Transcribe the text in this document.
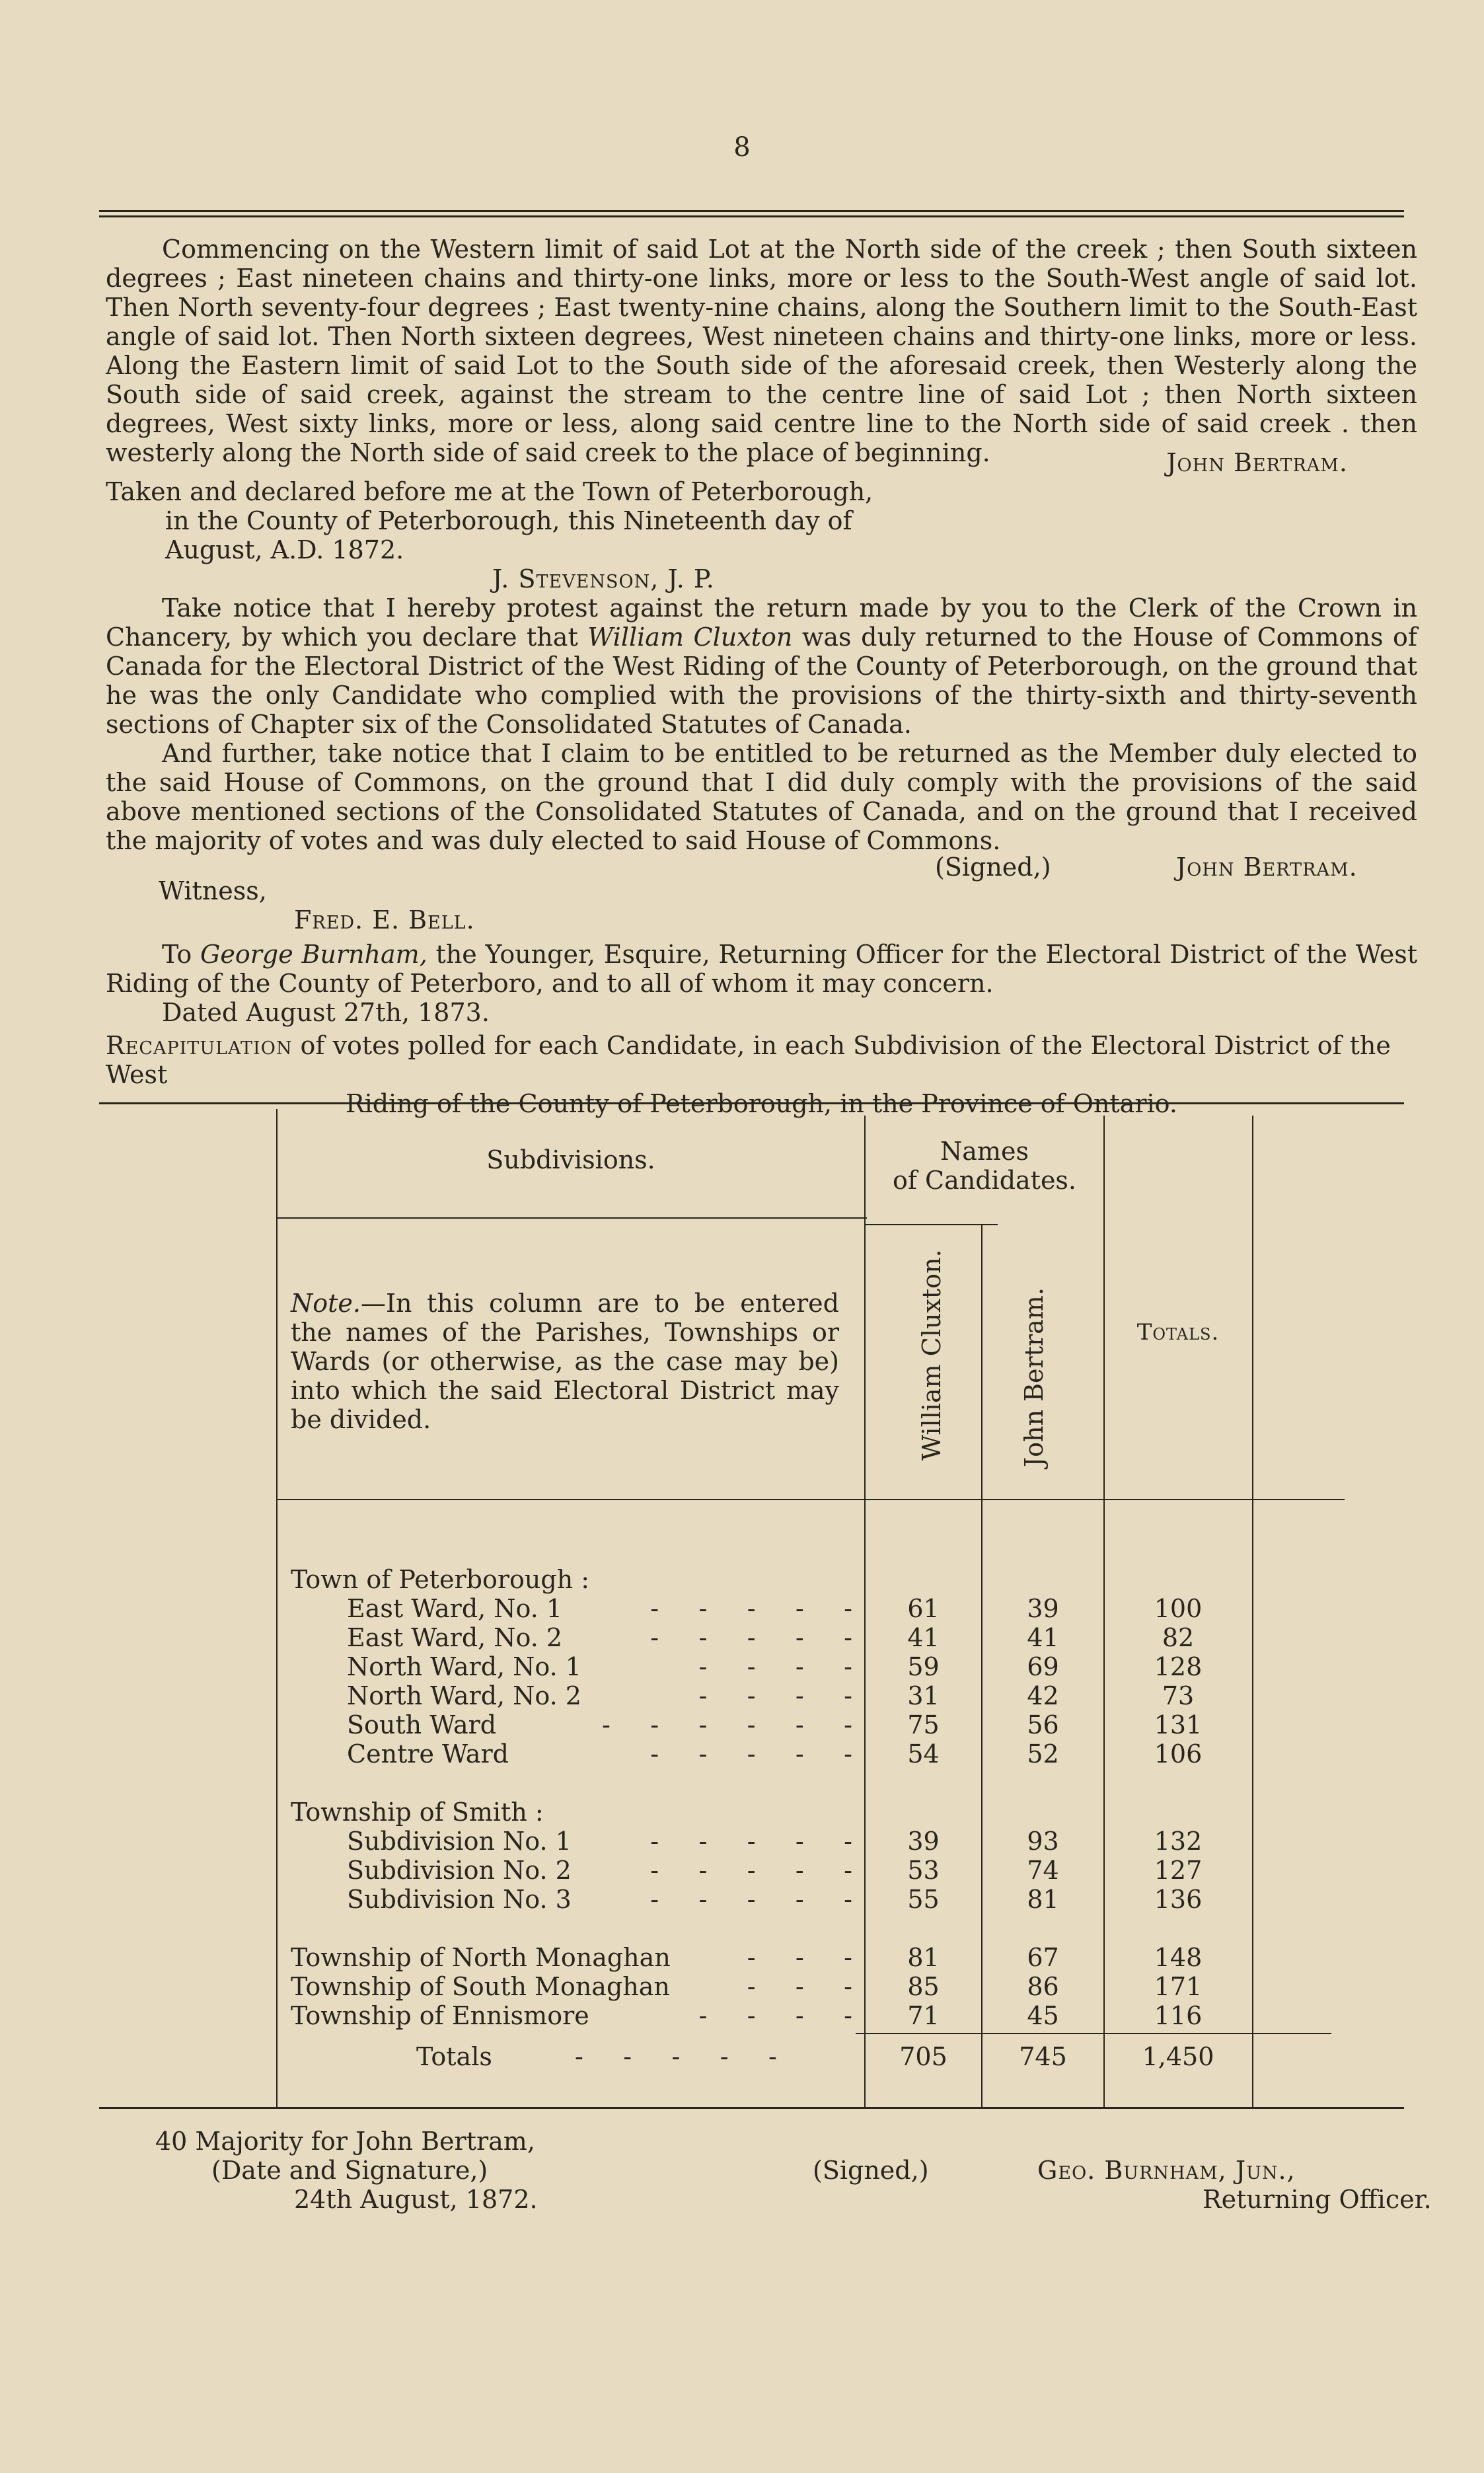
8

Commencing on the Western limit of said Lot at the North side of the creek ; then South sixteen degrees ; East nineteen chains and thirty-one links, more or less to the South-West angle of said lot. Then North seventy-four degrees ; East twenty-nine chains, along the Southern limit to the South-East angle of said lot. Then North sixteen degrees, West nineteen chains and thirty-one links, more or less. Along the Eastern limit of said Lot to the South side of the aforesaid creek, then Westerly along the South side of said creek, against the stream to the centre line of said Lot ; then North sixteen degrees, West sixty links, more or less, along said centre line to the North side of said creek . then westerly along the North side of said creek to the place of beginning.	John Bertram.
Taken and declared before me at the Town of Peterborough,
in the County of Peterborough, this Nineteenth day of
August, A.D. 1872.
J. Stevenson, J. P.

Take notice that I hereby protest against the return made by you to the Clerk of the Crown in Chancery, by which you declare that William Cluxton was duly returned to the House of Commons of Canada for the Electoral District of the West Riding of the County of Peterborough, on the ground that he was the only Candidate who complied with the provisions of the thirty-sixth and thirty-seventh sections of Chapter six of the Consolidated Statutes of Canada.

And further, take notice that I claim to be entitled to be returned as the Member duly elected to the said House of Commons, on the ground that I did duly comply with the provisions of the said above mentioned sections of the Consolidated Statutes of Canada, and on the ground that I received the majority of votes and was duly elected to said House of Commons.

(Signed,)	John Bertram.
Witness,
Fred. E. Bell.

To George Burnham, the Younger, Esquire, Returning Officer for the Electoral District of the West Riding of the County of Peterboro, and to all of whom it may concern.

Dated August 27th, 1873.
Recapitulation of votes polled for each Candidate, in each Subdivision of the Electoral District of the West
Riding of the County of Peterborough, in the Province of Ontario.
Subdivisions.	Names
of Candidates.
Note.—In this column are to be entered the names of the Parishes, Townships or Wards (or otherwise, as the case may be) into which the said Electoral District may be divided.	William Cluxton.	John Bertram.	Totals.
Town of Peterborough :
East Ward, No. 1	-     -     -     -     -	61	39	100
East Ward, No. 2	-     -     -     -     -	41	41	82
North Ward, No. 1	-     -     -     -	59	69	128
North Ward, No. 2	-     -     -     -	31	42	73
South Ward	-     -     -     -     -     -	75	56	131
Centre Ward	-     -     -     -     -	54	52	106
Township of Smith :
Subdivision No. 1	-     -     -     -     -	39	93	132
Subdivision No. 2	-     -     -     -     -	53	74	127
Subdivision No. 3	-     -     -     -     -	55	81	136
Township of North Monaghan	-     -     -	81	67	148
Township of South Monaghan	-     -     -	85	86	171
Township of Ennismore	-     -     -     -	71	45	116
Totals	-     -     -     -     -	705	745	1,450
40 Majority for John Bertram,
(Date and Signature,)
24th August, 1872.
(Signed,)	Geo. Burnham, Jun.,
Returning Officer.
